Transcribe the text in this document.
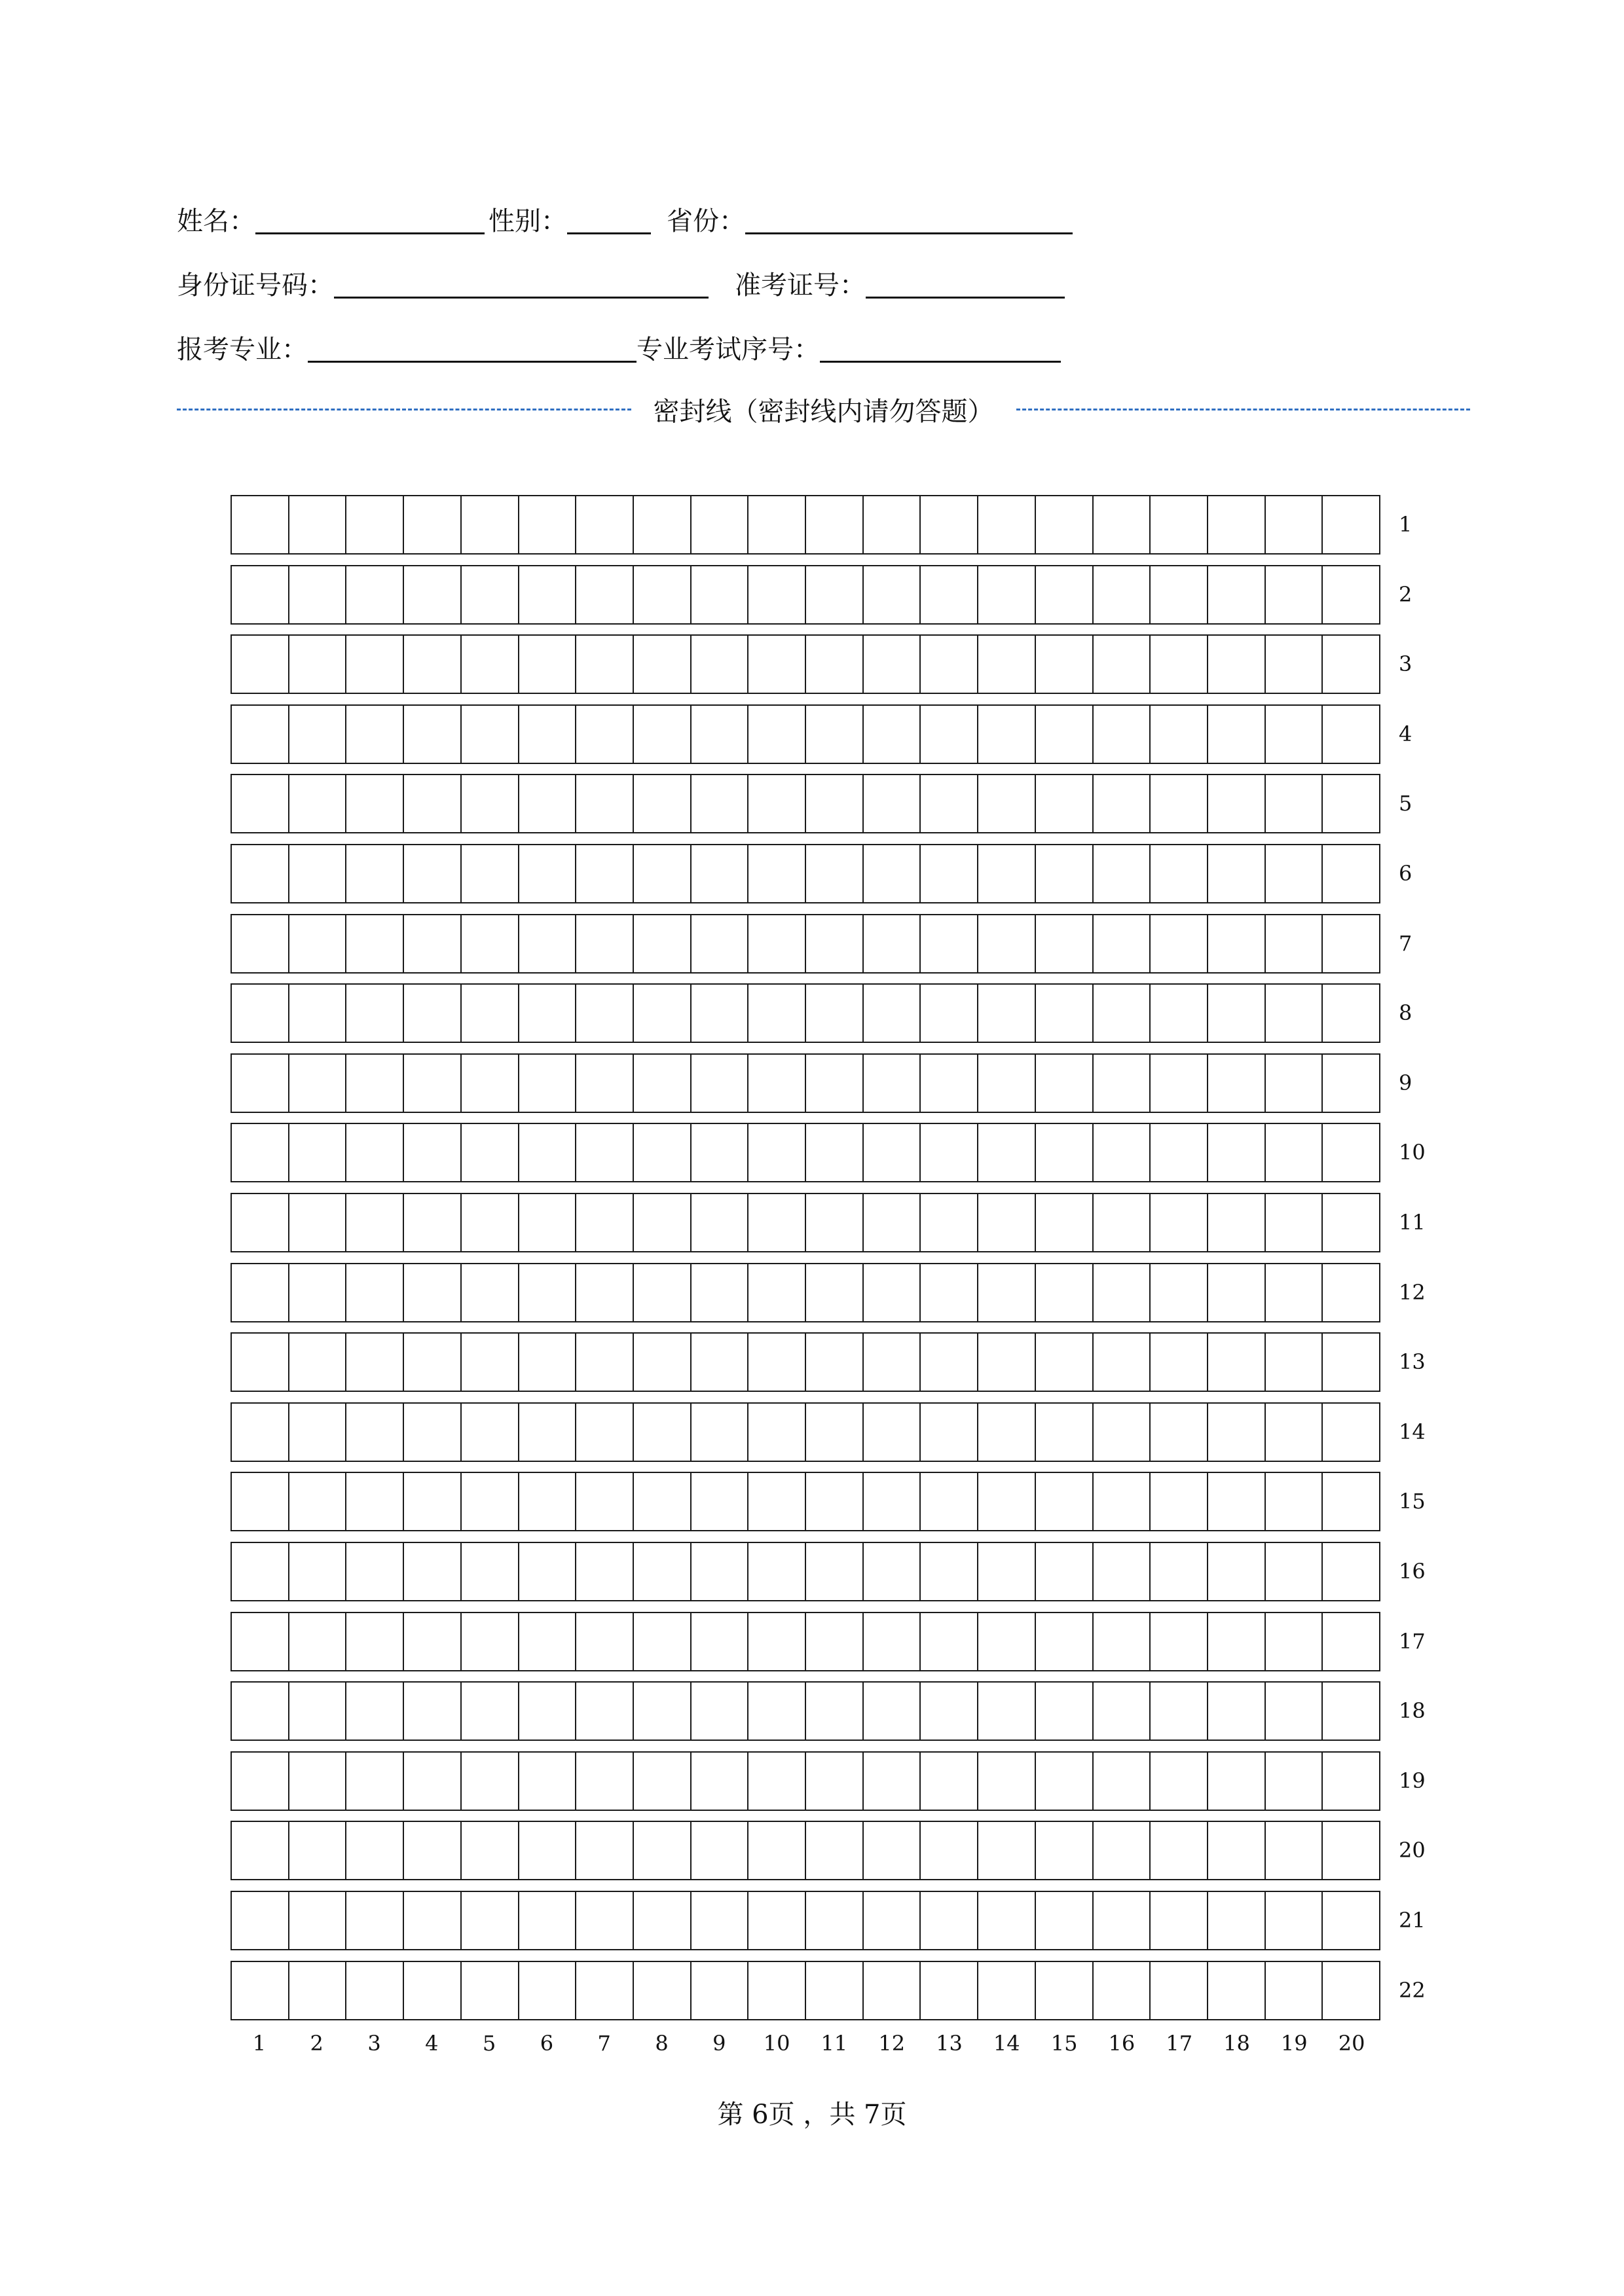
姓名：	性别：	省份：
身份证号码：	准考证号：
报考专业：	专业考试序号：
密封线（密封线内请勿答题）
1
2
3
4
5
6
7
8
9
10
11
12
13
14
15
16
17
18
19
20
21
22
1	2	3	4	5	6	7	8	9	10	11	12	13	14	15	16	17	18	19	20
第 6页 ，共 7页
